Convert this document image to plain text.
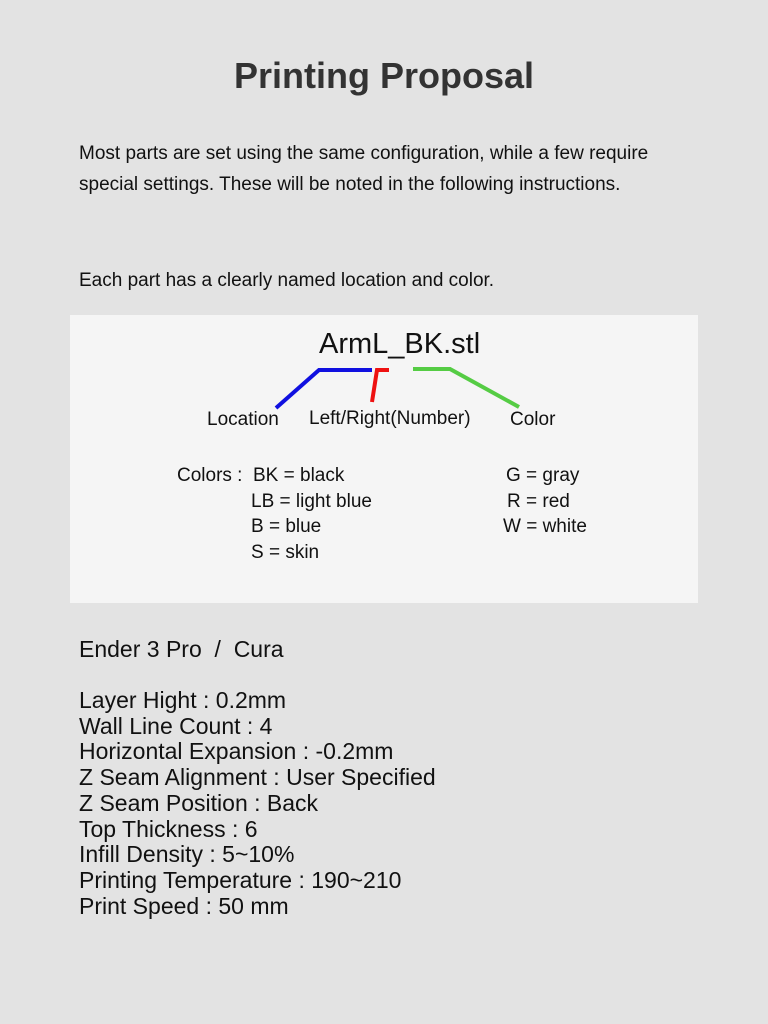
Printing Proposal

Most parts are set using the same configuration, while a few require
special settings. These will be noted in the following instructions.

Each part has a clearly named location and color.

ArmL_BK.stl

Location Left/Right(Number) Color

Colors : BK = black

LB = light blue

B = blue

S = skin

G = gray

R = red

W = white

Ender 3 Pro  /  Cura

Layer Hight : 0.2mm
Wall Line Count : 4
Horizontal Expansion : -0.2mm
Z Seam Alignment : User Specified
Z Seam Position : Back
Top Thickness : 6
Infill Density : 5~10%
Printing Temperature : 190~210
Print Speed : 50 mm
